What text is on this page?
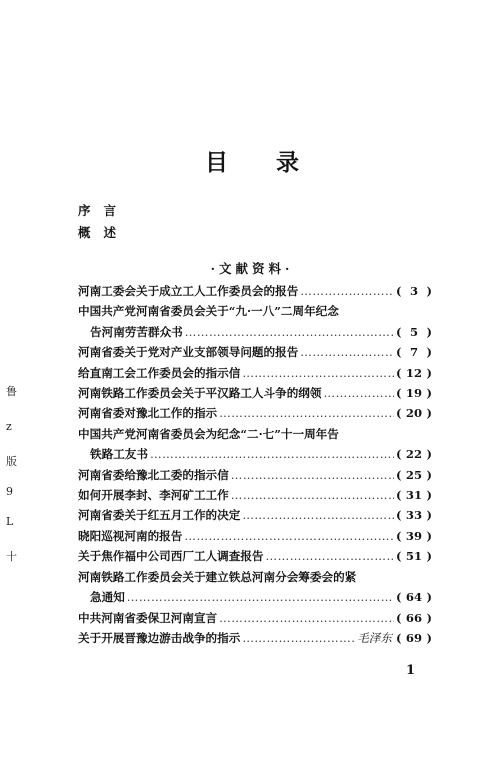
目 录
序言
概述
·文献资料·
河南工委会关于成立工人工作委员会的报告 ……………………………………………………………………………………………………………………	( 3 )
中国共产党河南省委员会关于“九·一八”二周年纪念
告河南劳苦群众书 ……………………………………………………………………………………………………………………	( 5 )
河南省委关于党对产业支部领导问题的报告 ……………………………………………………………………………………………………………………	( 7 )
给直南工会工作委员会的指示信 ……………………………………………………………………………………………………………………	( 12 )
河南铁路工作委员会关于平汉路工人斗争的纲领 ……………………………………………………………………………………………………………………	( 19 )
河南省委对豫北工作的指示 ……………………………………………………………………………………………………………………	( 20 )
中国共产党河南省委员会为纪念“二·七”十一周年告
铁路工友书 ……………………………………………………………………………………………………………………	( 22 )
河南省委给豫北工委的指示信 ……………………………………………………………………………………………………………………	( 25 )
如何开展李封、李河矿工工作 ……………………………………………………………………………………………………………………	( 31 )
河南省委关于红五月工作的决定 ……………………………………………………………………………………………………………………	( 33 )
晓阳巡视河南的报告 ……………………………………………………………………………………………………………………	( 39 )
关于焦作福中公司西厂工人调查报告 ……………………………………………………………………………………………………………………	( 51 )
河南铁路工作委员会关于建立铁总河南分会筹委会的紧
急通知 ……………………………………………………………………………………………………………………	( 64 )
中共河南省委保卫河南宣言 ……………………………………………………………………………………………………………………	( 66 )
关于开展晋豫边游击战争的指示 ……………………………………………………………………………………………………………………	毛泽东 ( 69 )
1
鲁
z
版
9
L
十
